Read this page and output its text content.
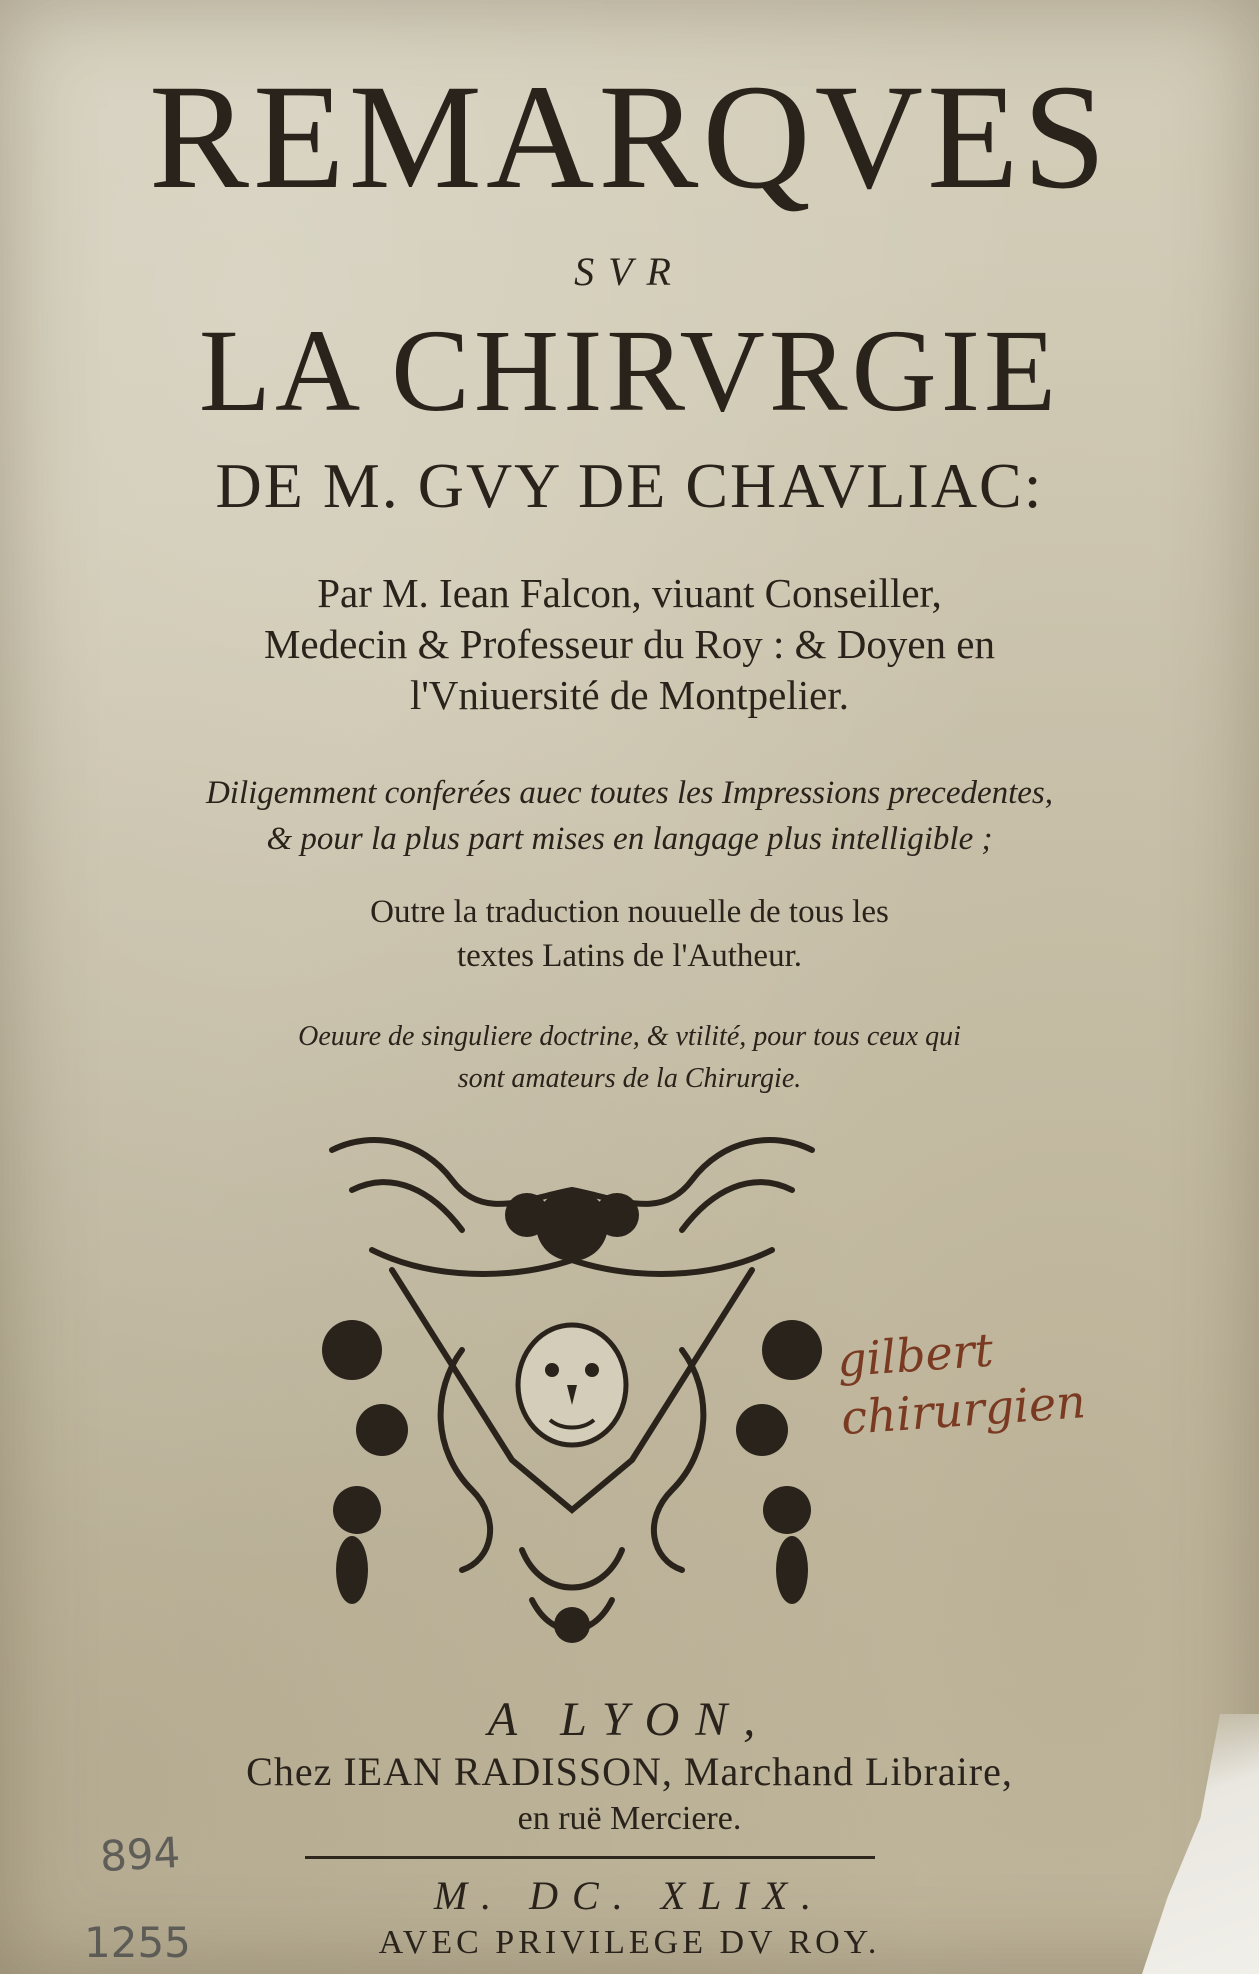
REMARQVES
SVR
LA CHIRVRGIE
DE M. GVY DE CHAVLIAC:
Par M. Iean Falcon, viuant Conseiller,
Medecin & Professeur du Roy : & Doyen en
l'Vniuersité de Montpelier.
Diligemment conferées auec toutes les Impressions precedentes,
& pour la plus part mises en langage plus intelligible ;
Outre la traduction nouuelle de tous les
textes Latins de l'Autheur.
Oeuure de singuliere doctrine, & vtilité, pour tous ceux qui
sont amateurs de la Chirurgie.
gilbert
chirurgien
A LYON,
Chez IEAN RADISSON, Marchand Libraire,
en ruë Merciere.
M. DC. XLIX.
AVEC PRIVILEGE DV ROY.
894
1255
